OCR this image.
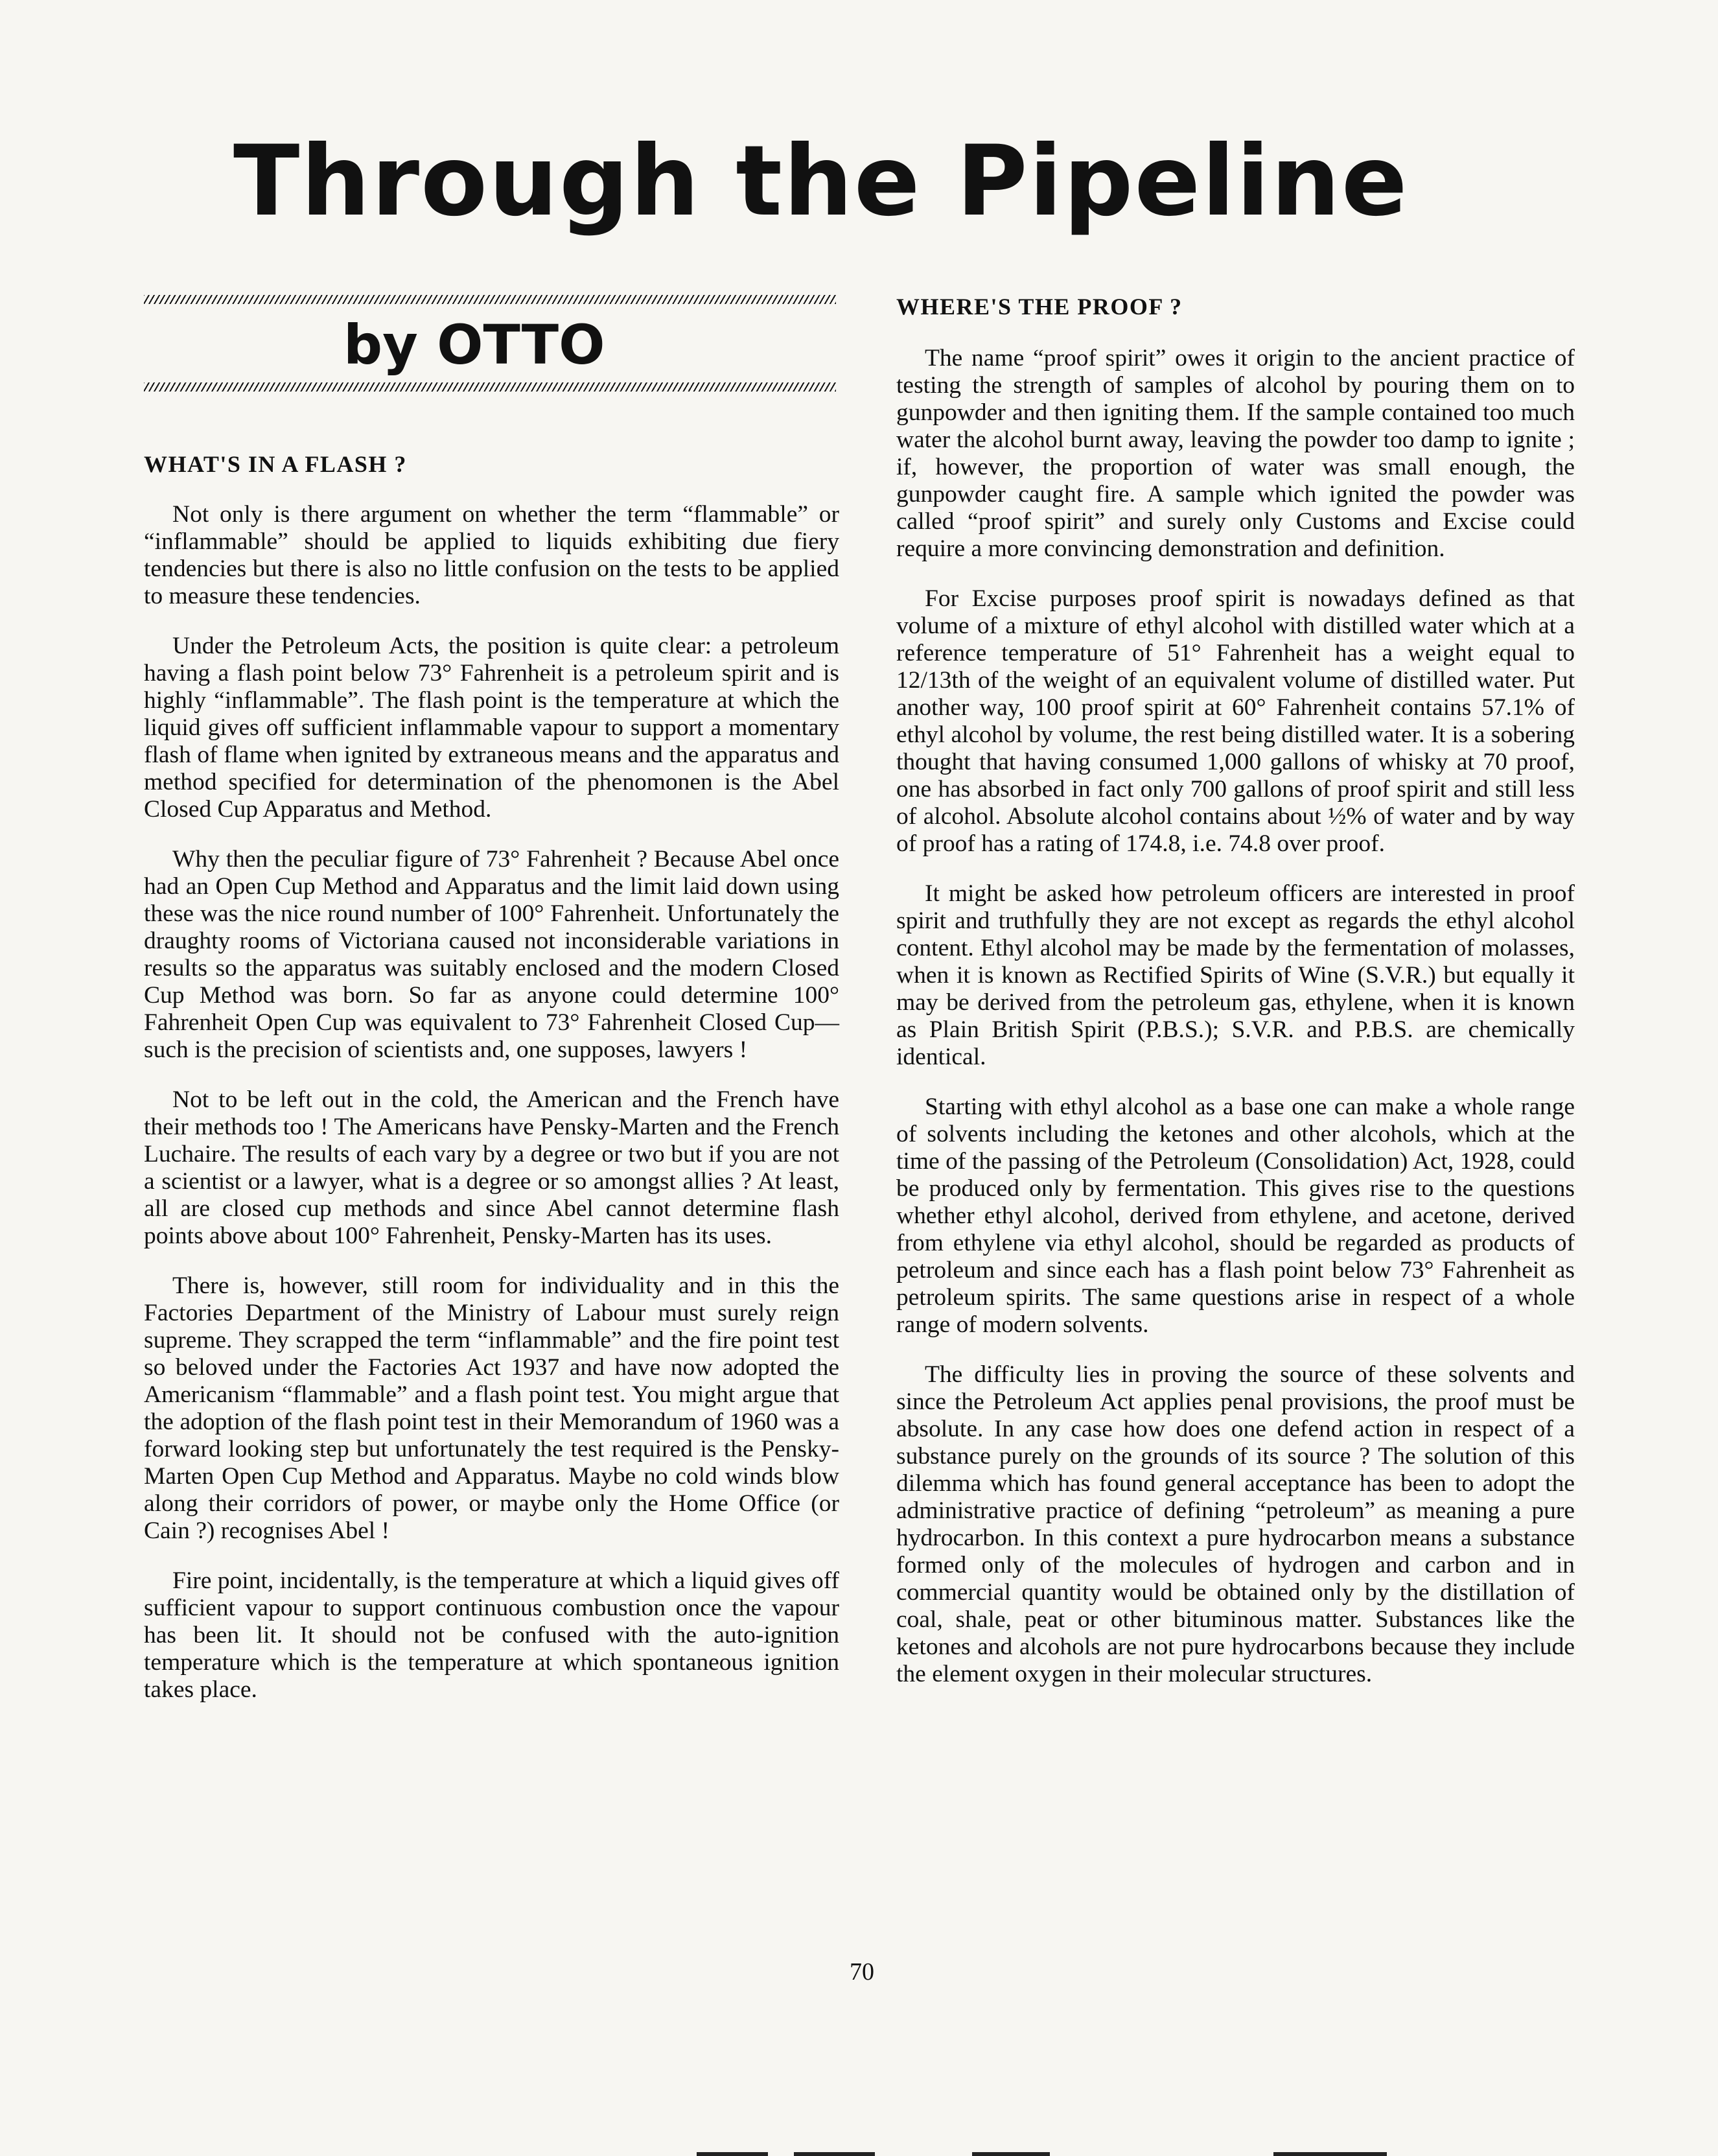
Through the Pipeline
by OTTO
WHAT'S IN A FLASH ?

Not only is there argument on whether the term “flammable” or “inflammable” should be applied to liquids exhibiting due fiery tendencies but there is also no little confusion on the tests to be applied to measure these tendencies.

Under the Petroleum Acts, the position is quite clear: a petroleum having a flash point below 73° Fahrenheit is a petroleum spirit and is highly “inflammable”. The flash point is the temperature at which the liquid gives off sufficient inflammable vapour to support a momentary flash of flame when ignited by extraneous means and the apparatus and method specified for determination of the phenomonen is the Abel Closed Cup Apparatus and Method.

Why then the peculiar figure of 73° Fahrenheit ? Because Abel once had an Open Cup Method and Apparatus and the limit laid down using these was the nice round number of 100° Fahrenheit. Unfortunately the draughty rooms of Victoriana caused not inconsiderable variations in results so the apparatus was suitably enclosed and the modern Closed Cup Method was born. So far as anyone could determine 100° Fahrenheit Open Cup was equivalent to 73° Fahrenheit Closed Cup—such is the precision of scientists and, one supposes, lawyers !

Not to be left out in the cold, the American and the French have their methods too ! The Americans have Pensky-Marten and the French Luchaire. The results of each vary by a degree or two but if you are not a scientist or a lawyer, what is a degree or so amongst allies ? At least, all are closed cup methods and since Abel cannot determine flash points above about 100° Fahrenheit, Pensky-Marten has its uses.

There is, however, still room for individuality and in this the Factories Department of the Ministry of Labour must surely reign supreme. They scrapped the term “inflammable” and the fire point test so beloved under the Factories Act 1937 and have now adopted the Americanism “flammable” and a flash point test. You might argue that the adoption of the flash point test in their Memorandum of 1960 was a forward looking step but unfortunately the test required is the Pensky-Marten Open Cup Method and Apparatus. Maybe no cold winds blow along their corridors of power, or maybe only the Home Office (or Cain ?) recognises Abel !

Fire point, incidentally, is the temperature at which a liquid gives off sufficient vapour to support continuous combustion once the vapour has been lit. It should not be confused with the auto-ignition temperature which is the temperature at which spontaneous ignition takes place.

WHERE'S THE PROOF ?

The name “proof spirit” owes it origin to the ancient practice of testing the strength of samples of alcohol by pouring them on to gunpowder and then igniting them. If the sample contained too much water the alcohol burnt away, leaving the powder too damp to ignite ; if, however, the proportion of water was small enough, the gunpowder caught fire. A sample which ignited the powder was called “proof spirit” and surely only Customs and Excise could require a more convincing demonstration and definition.

For Excise purposes proof spirit is nowadays defined as that volume of a mixture of ethyl alcohol with distilled water which at a reference temperature of 51° Fahrenheit has a weight equal to 12/13th of the weight of an equivalent volume of distilled water. Put another way, 100 proof spirit at 60° Fahrenheit contains 57.1% of ethyl alcohol by volume, the rest being distilled water. It is a sobering thought that having consumed 1,000 gallons of whisky at 70 proof, one has absorbed in fact only 700 gallons of proof spirit and still less of alcohol. Absolute alcohol contains about ½% of water and by way of proof has a rating of 174.8, i.e. 74.8 over proof.

It might be asked how petroleum officers are interested in proof spirit and truthfully they are not except as regards the ethyl alcohol content. Ethyl alcohol may be made by the fermentation of molasses, when it is known as Rectified Spirits of Wine (S.V.R.) but equally it may be derived from the petroleum gas, ethylene, when it is known as Plain British Spirit (P.B.S.); S.V.R. and P.B.S. are chemically identical.

Starting with ethyl alcohol as a base one can make a whole range of solvents including the ketones and other alcohols, which at the time of the passing of the Petroleum (Consolidation) Act, 1928, could be produced only by fermentation. This gives rise to the questions whether ethyl alcohol, derived from ethylene, and acetone, derived from ethylene via ethyl alcohol, should be regarded as products of petroleum and since each has a flash point below 73° Fahrenheit as petroleum spirits. The same questions arise in respect of a whole range of modern solvents.

The difficulty lies in proving the source of these solvents and since the Petroleum Act applies penal provisions, the proof must be absolute. In any case how does one defend action in respect of a substance purely on the grounds of its source ? The solution of this dilemma which has found general acceptance has been to adopt the administrative practice of defining “petroleum” as meaning a pure hydrocarbon. In this context a pure hydrocarbon means a substance formed only of the molecules of hydrogen and carbon and in commercial quantity would be obtained only by the distillation of coal, shale, peat or other bituminous matter. Substances like the ketones and alcohols are not pure hydrocarbons because they include the element oxygen in their molecular structures.

70
